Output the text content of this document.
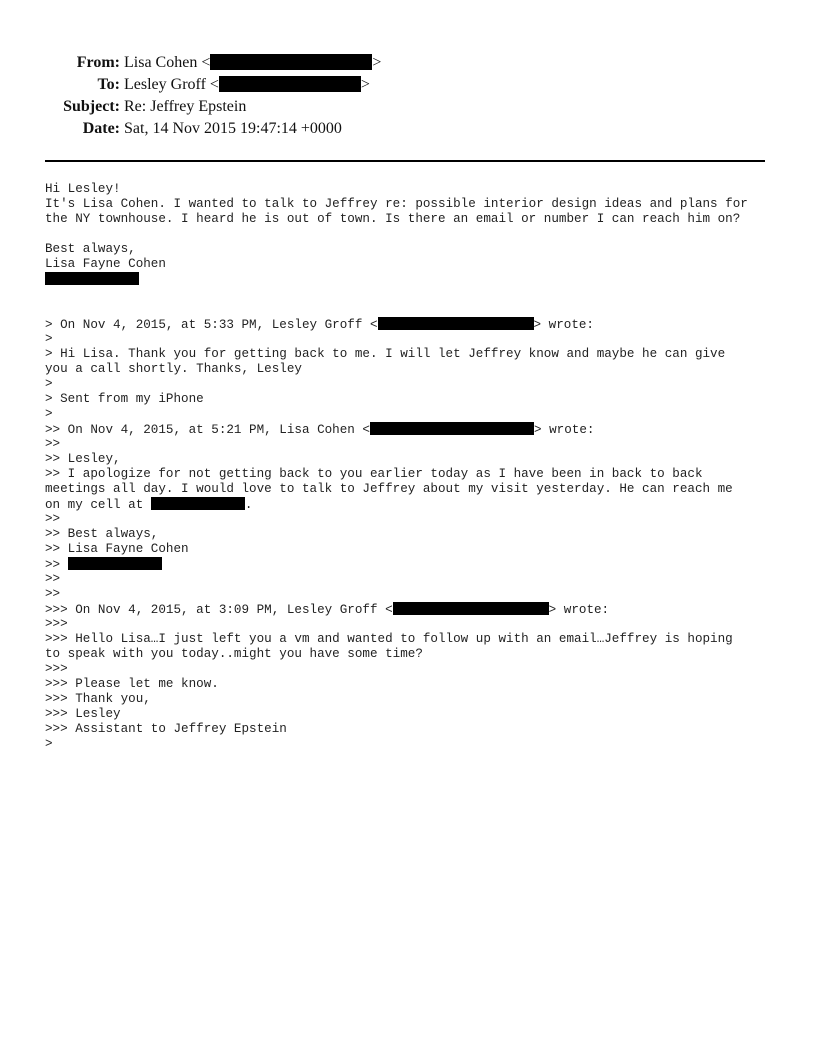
From: Lisa Cohen <	>
To: Lesley Groff <	>
Subject: Re: Jeffrey Epstein
Date: Sat, 14 Nov 2015 19:47:14 +0000
Hi Lesley!
It's Lisa Cohen. I wanted to talk to Jeffrey re: possible interior design ideas and plans for
the NY townhouse. I heard he is out of town. Is there an email or number I can reach him on?
Best always,
Lisa Fayne Cohen
> On Nov 4, 2015, at 5:33 PM, Lesley Groff <	> wrote:
>
> Hi Lisa. Thank you for getting back to me. I will let Jeffrey know and maybe he can give
you a call shortly. Thanks, Lesley
>
> Sent from my iPhone
>
>> On Nov 4, 2015, at 5:21 PM, Lisa Cohen <	> wrote:
>>
>> Lesley,
>> I apologize for not getting back to you earlier today as I have been in back to back
meetings all day. I would love to talk to Jeffrey about my visit yesterday. He can reach me
on my cell at	.
>>
>> Best always,
>> Lisa Fayne Cohen
>>
>>
>>
>>> On Nov 4, 2015, at 3:09 PM, Lesley Groff <	> wrote:
>>>
>>> Hello Lisa…I just left you a vm and wanted to follow up with an email…Jeffrey is hoping
to speak with you today..might you have some time?
>>>
>>> Please let me know.
>>> Thank you,
>>> Lesley
>>> Assistant to Jeffrey Epstein
>
